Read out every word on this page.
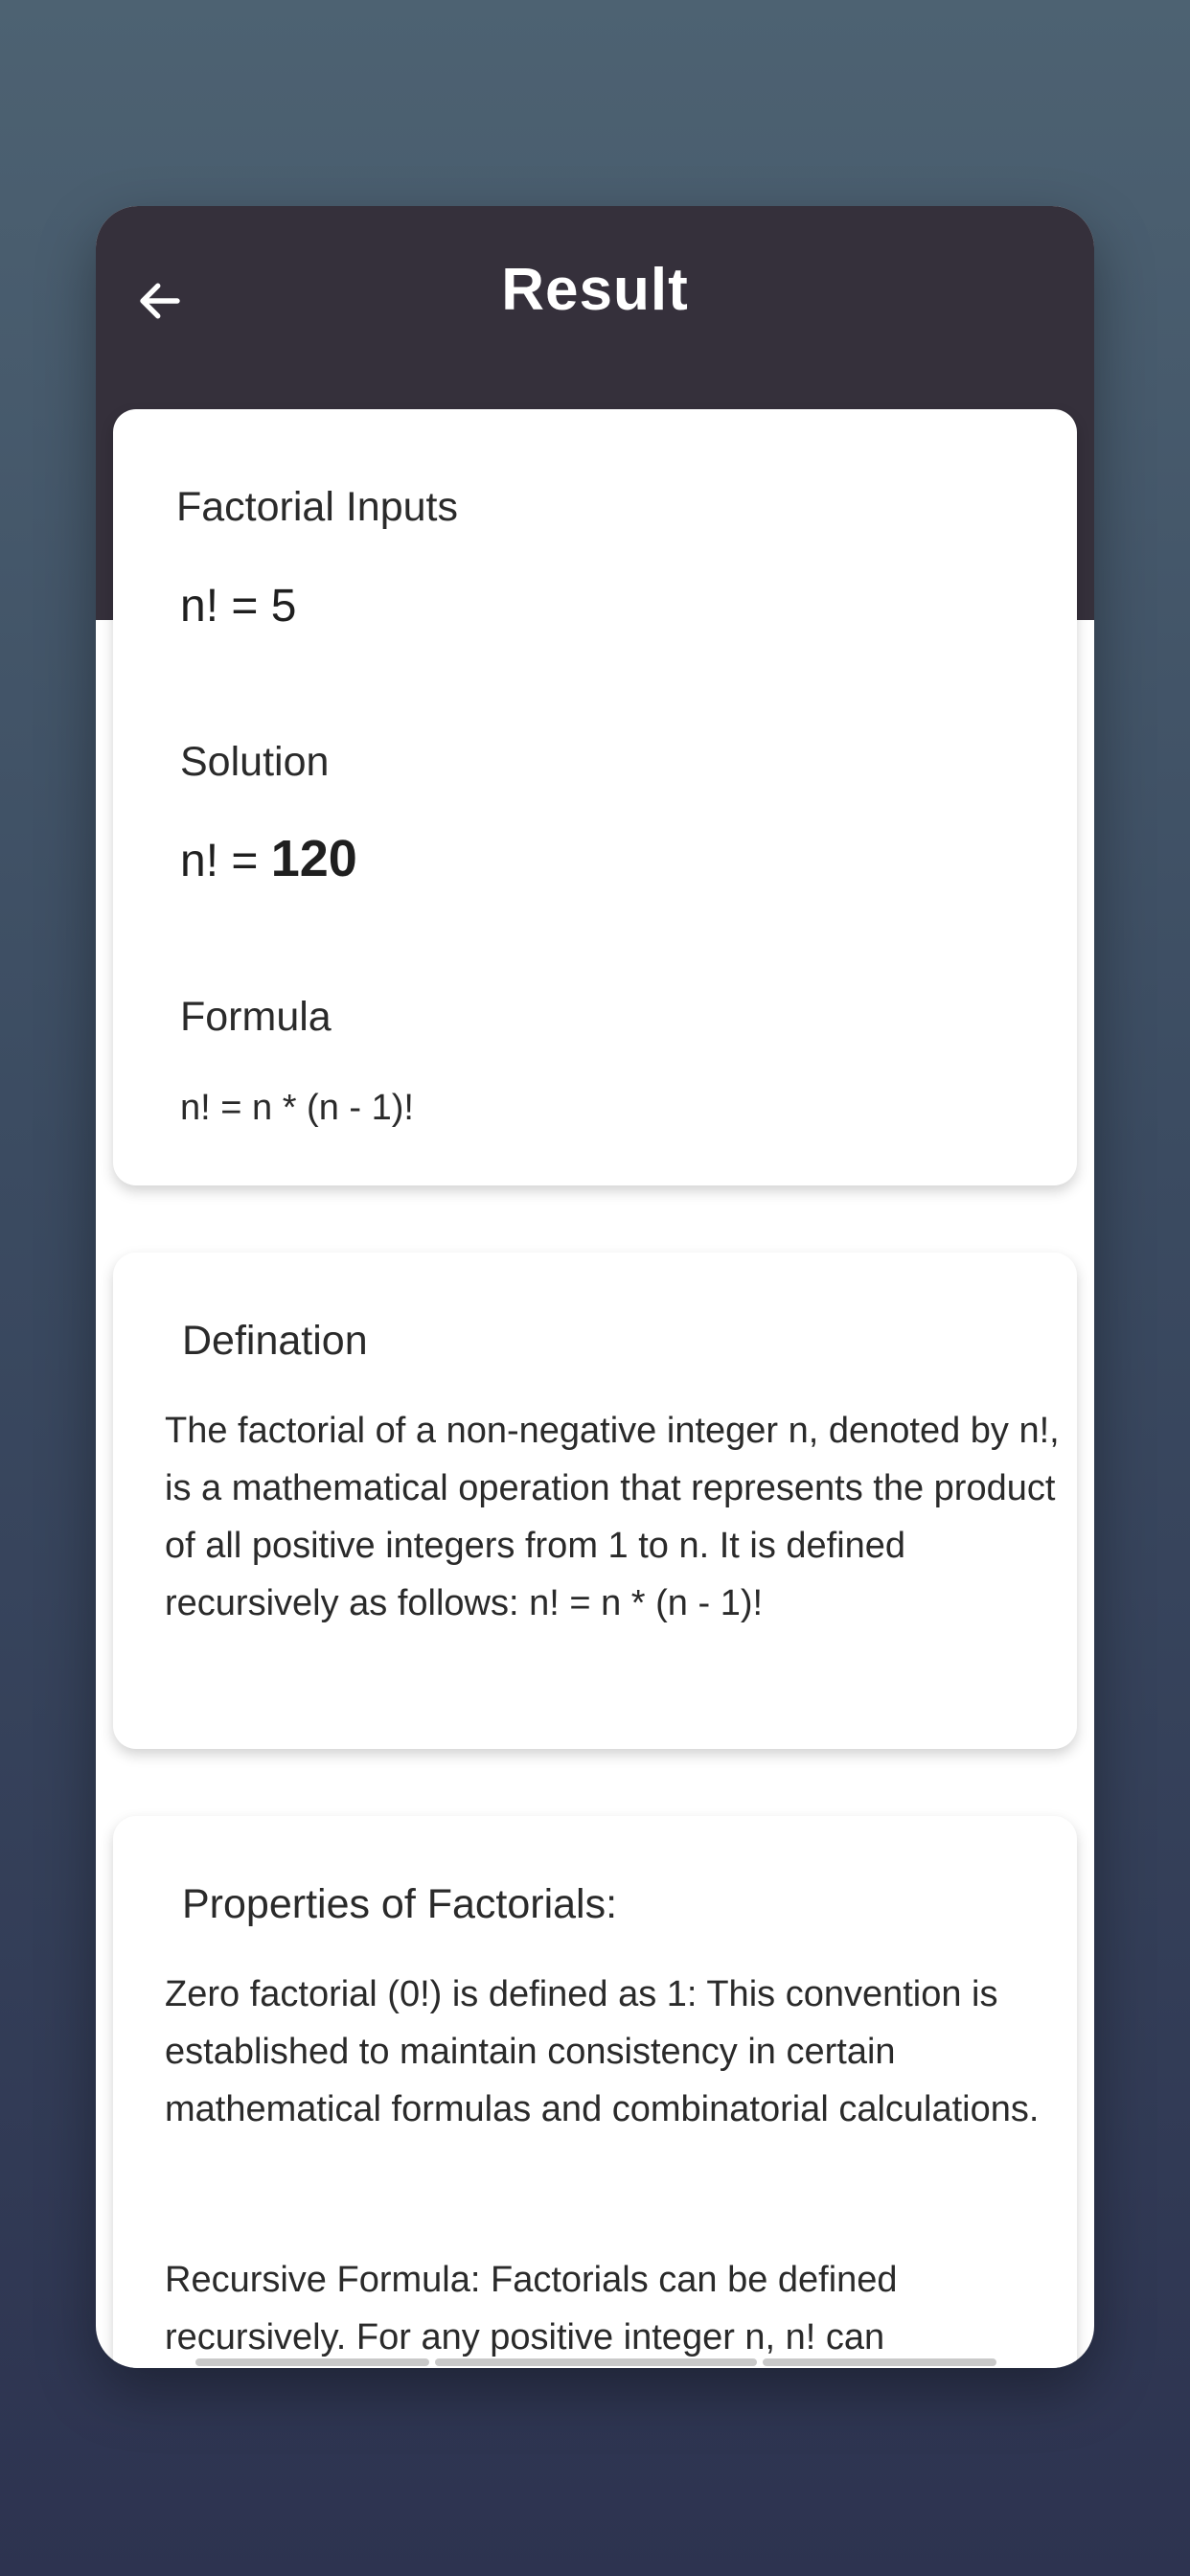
Result
Factorial Inputs
n! = 5
Solution
n! = 120
Formula
n! = n * (n - 1)!
Defination
The factorial of a non-negative integer n, denoted by n!, is a mathematical operation that represents the product of all positive integers from 1 to n. It is defined recursively as follows: n! = n * (n - 1)!
Properties of Factorials:
Zero factorial (0!) is defined as 1: This convention is established to maintain consistency in certain mathematical formulas and combinatorial calculations.
Recursive Formula: Factorials can be defined recursively. For any positive integer n, n! can
